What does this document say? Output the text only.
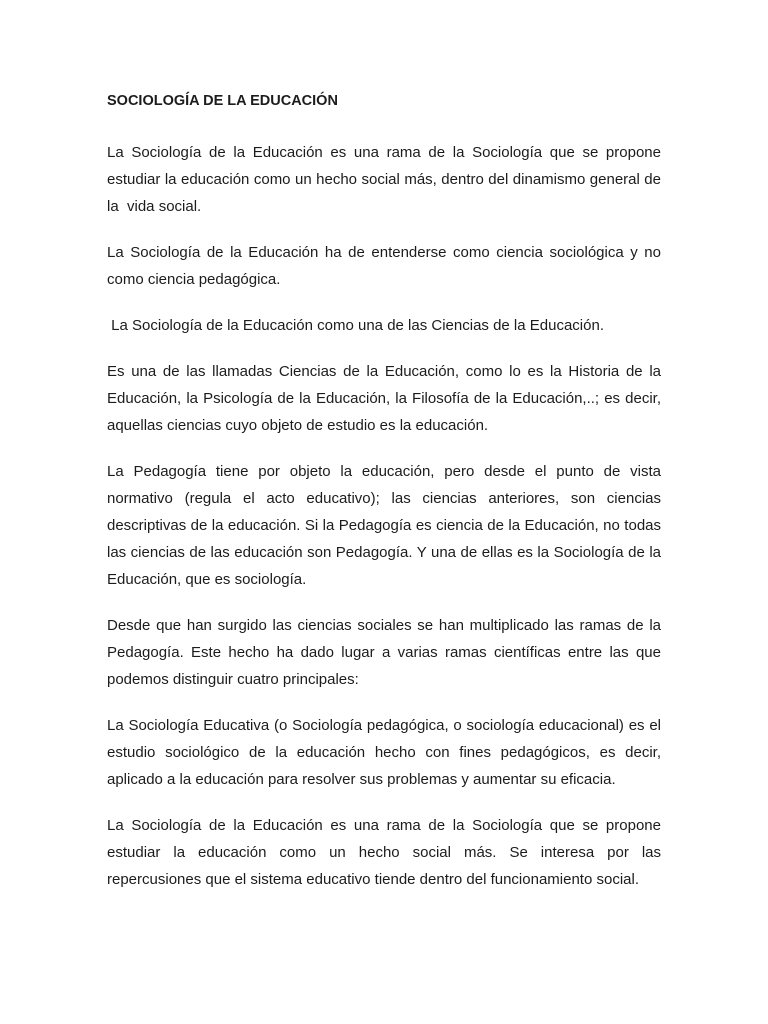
SOCIOLOGÍA DE LA EDUCACIÓN
La Sociología de la Educación es una rama de la Sociología que se propone estudiar la educación como un hecho social más, dentro del dinamismo general de la  vida social.
La Sociología de la Educación ha de entenderse como ciencia sociológica y no como ciencia pedagógica.
La Sociología de la Educación como una de las Ciencias de la Educación.
Es una de las llamadas Ciencias de la Educación, como lo es la Historia de la Educación, la Psicología de la Educación, la Filosofía de la Educación,..; es decir, aquellas ciencias cuyo objeto de estudio es la educación.
La Pedagogía tiene por objeto la educación, pero desde el punto de vista normativo (regula el acto educativo); las ciencias anteriores, son ciencias descriptivas de la educación. Si la Pedagogía es ciencia de la Educación, no todas las ciencias de las educación son Pedagogía. Y una de ellas es la Sociología de la Educación, que es sociología.
Desde que han surgido las ciencias sociales se han multiplicado las ramas de la Pedagogía. Este hecho ha dado lugar a varias ramas científicas entre las que podemos distinguir cuatro principales:
La Sociología Educativa (o Sociología pedagógica, o sociología educacional) es el estudio sociológico de la educación hecho con fines pedagógicos, es decir, aplicado a la educación para resolver sus problemas y aumentar su eficacia.
La Sociología de la Educación es una rama de la Sociología que se propone estudiar la educación como un hecho social más. Se interesa por las repercusiones que el sistema educativo tiende dentro del funcionamiento social.
